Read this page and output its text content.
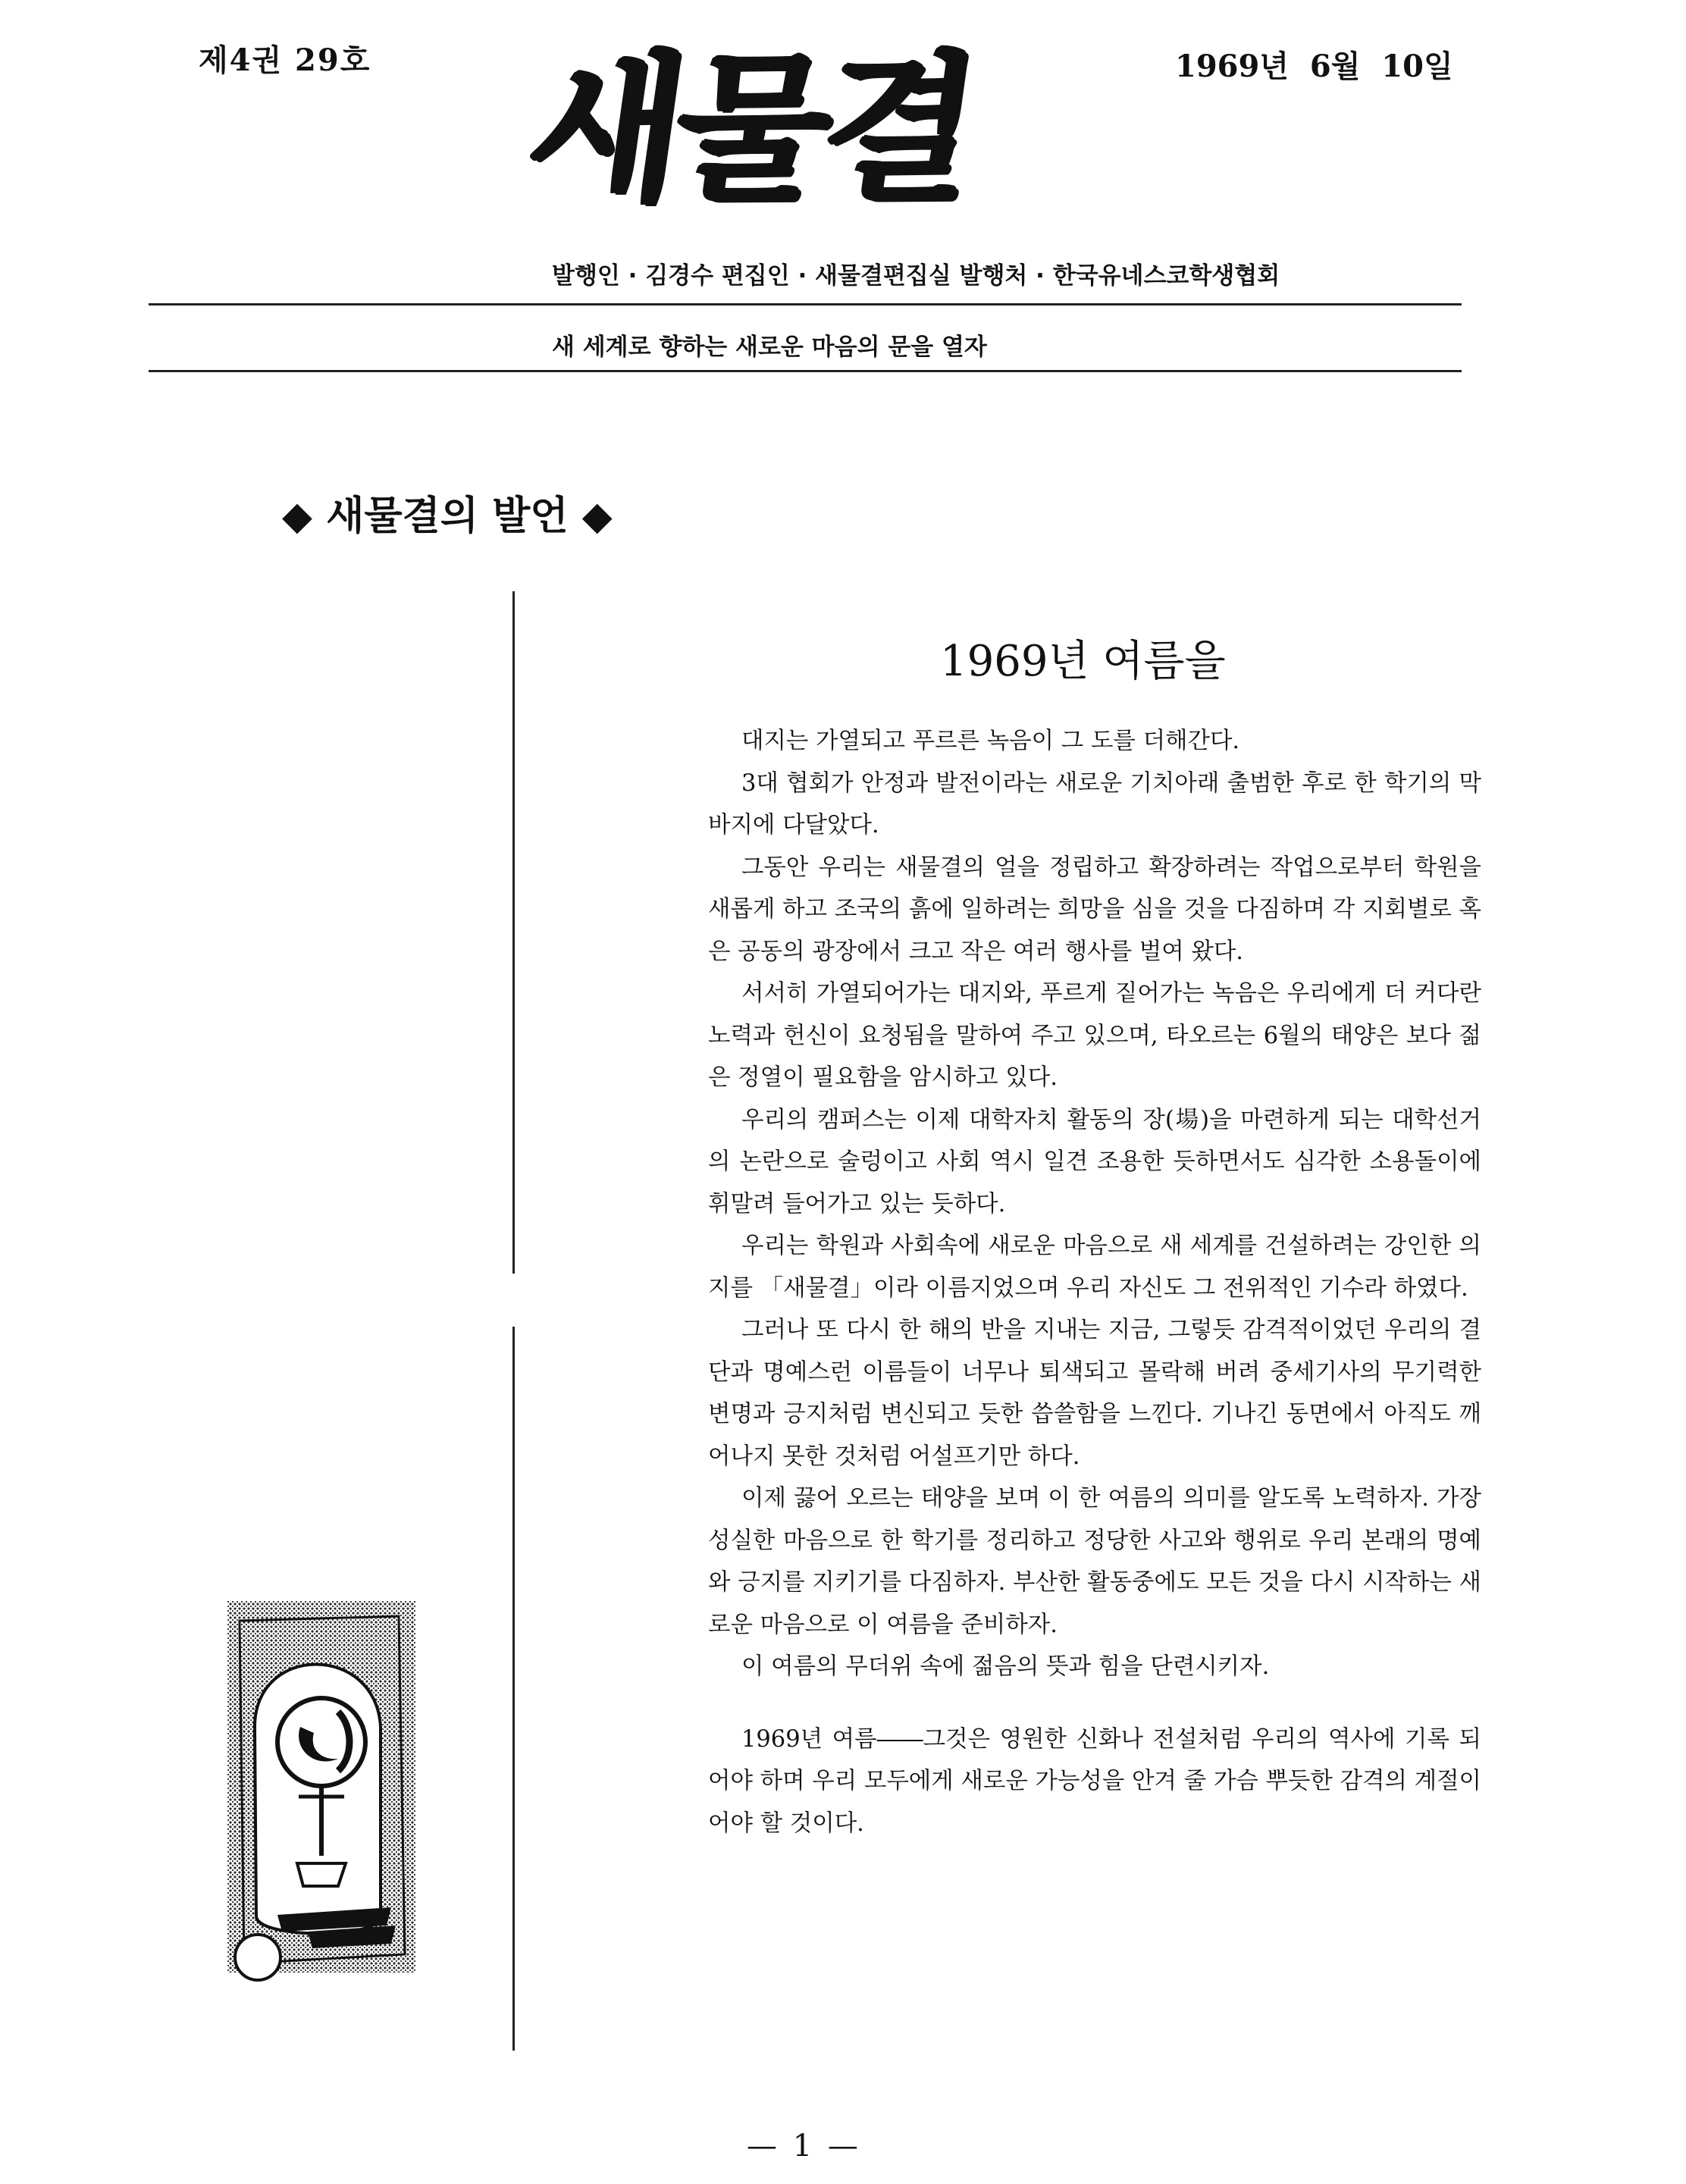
제4권 29호 새물결	1969년 6월 10일
발행인 · 김경수 편집인 · 새물결편집실 발행처 · 한국유네스코학생협회
새 세계로 향하는 새로운 마음의 문을 열자
◆ 새물결의 발언 ◆
1969년 여름을

대지는 가열되고 푸르른 녹음이 그 도를 더해간다.

3대 협회가 안정과 발전이라는 새로운 기치아래 출범한 후로 한 학기의 막바지에 다달았다.

그동안 우리는 새물결의 얼을 정립하고 확장하려는 작업으로부터 학원을 새롭게 하고 조국의 흙에 일하려는 희망을 심을 것을 다짐하며 각 지회별로 혹은 공동의 광장에서 크고 작은 여러 행사를 벌여 왔다.

서서히 가열되어가는 대지와, 푸르게 짙어가는 녹음은 우리에게 더 커다란 노력과 헌신이 요청됨을 말하여 주고 있으며, 타오르는 6월의 태양은 보다 젊은 정열이 필요함을 암시하고 있다.

우리의 캠퍼스는 이제 대학자치 활동의 장(場)을 마련하게 되는 대학선거의 논란으로 술렁이고 사회 역시 일견 조용한 듯하면서도 심각한 소용돌이에 휘말려 들어가고 있는 듯하다.

우리는 학원과 사회속에 새로운 마음으로 새 세계를 건설하려는 강인한 의지를 「새물결」이라 이름지었으며 우리 자신도 그 전위적인 기수라 하였다.

그러나 또 다시 한 해의 반을 지내는 지금, 그렇듯 감격적이었던 우리의 결단과 명예스런 이름들이 너무나 퇴색되고 몰락해 버려 중세기사의 무기력한 변명과 긍지처럼 변신되고 듯한 씁쓸함을 느낀다. 기나긴 동면에서 아직도 깨어나지 못한 것처럼 어설프기만 하다.

이제 끓어 오르는 태양을 보며 이 한 여름의 의미를 알도록 노력하자. 가장 성실한 마음으로 한 학기를 정리하고 정당한 사고와 행위로 우리 본래의 명예와 긍지를 지키기를 다짐하자. 부산한 활동중에도 모든 것을 다시 시작하는 새로운 마음으로 이 여름을 준비하자.

이 여름의 무더위 속에 젊음의 뜻과 힘을 단련시키자.

1969년 여름――그것은 영원한 신화나 전설처럼 우리의 역사에 기록 되어야 하며 우리 모두에게 새로운 가능성을 안겨 줄 가슴 뿌듯한 감격의 계절이어야 할 것이다.

— 1 —
